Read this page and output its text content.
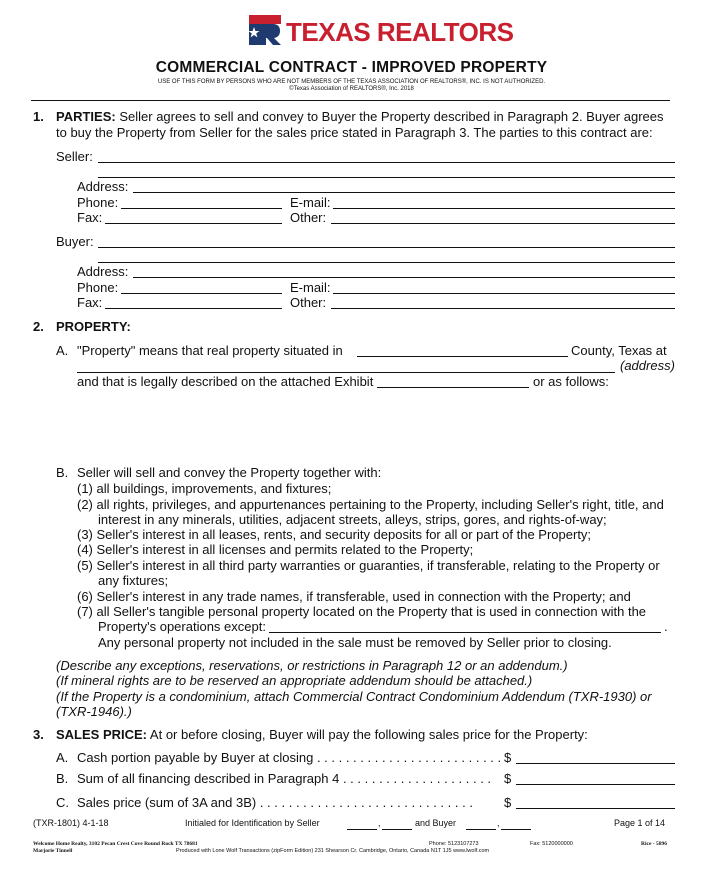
TEXAS REALTORS
COMMERCIAL CONTRACT - IMPROVED PROPERTY
USE OF THIS FORM BY PERSONS WHO ARE NOT MEMBERS OF THE TEXAS ASSOCIATION OF REALTORS®, INC. IS NOT AUTHORIZED.
©Texas Association of REALTORS®, Inc. 2018
1. PARTIES: Seller agrees to sell and convey to Buyer the Property described in Paragraph 2. Buyer agrees
to buy the Property from Seller for the sales price stated in Paragraph 3. The parties to this contract are:
Seller:
Address:
Phone:	E-mail:
Fax:	Other:
Buyer:
Address:
Phone:	E-mail:
Fax:	Other:
2. PROPERTY:
A. "Property" means that real property situated in	County, Texas at
(address)
and that is legally described on the attached Exhibit	or as follows:
B. Seller will sell and convey the Property together with:
(1) all buildings, improvements, and fixtures;
(2) all rights, privileges, and appurtenances pertaining to the Property, including Seller's right, title, and
interest in any minerals, utilities, adjacent streets, alleys, strips, gores, and rights-of-way;
(3) Seller's interest in all leases, rents, and security deposits for all or part of the Property;
(4) Seller's interest in all licenses and permits related to the Property;
(5) Seller's interest in all third party warranties or guaranties, if transferable, relating to the Property or
any fixtures;
(6) Seller's interest in any trade names, if transferable, used in connection with the Property; and
(7) all Seller's tangible personal property located on the Property that is used in connection with the
Property's operations except:	.
Any personal property not included in the sale must be removed by Seller prior to closing.
(Describe any exceptions, reservations, or restrictions in Paragraph 12 or an addendum.)
(If mineral rights are to be reserved an appropriate addendum should be attached.)
(If the Property is a condominium, attach Commercial Contract Condominium Addendum (TXR-1930) or
(TXR-1946).)
3. SALES PRICE: At or before closing, Buyer will pay the following sales price for the Property:
A. Cash portion payable by Buyer at closing . . . . . . . . . . . . . . . . . . . . . . . . . . $
B. Sum of all financing described in Paragraph 4 . . . . . . . . . . . . . . . . . . . . . $
C. Sales price (sum of 3A and 3B) . . . . . . . . . . . . . . . . . . . . . . . . . . . . . . $
(TXR-1801) 4-1-18	Initialed for Identification by Seller	,	and Buyer	,	Page 1 of 14
Welcome Home Realty, 3102 Pecan Crest Cove Round Rock TX 78681	Phone: 5123107273	Fax: 5120000000	Rice - 5896
Marjorie Tinnell	Produced with Lone Wolf Transactions (zipForm Edition) 231 Shearson Cr. Cambridge, Ontario, Canada N1T 1J5 www.lwolf.com
